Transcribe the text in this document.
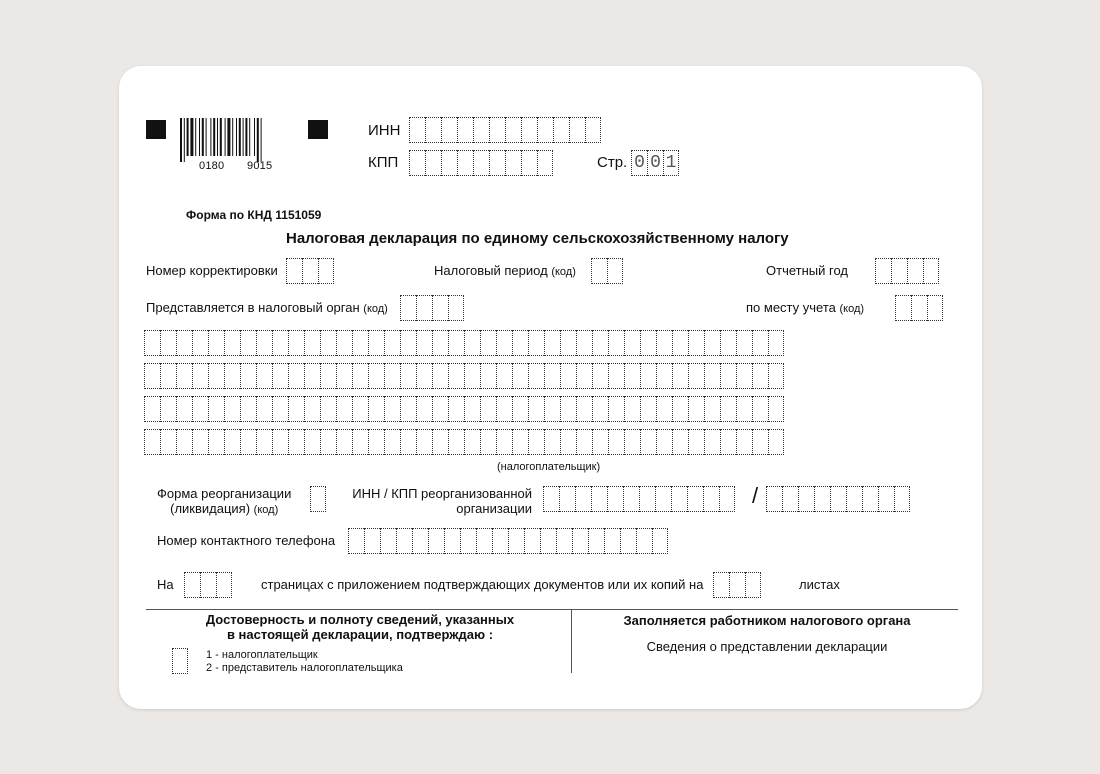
0180 9015
ИНН
КПП	Стр. 0 0 1
Форма по КНД 1151059
Налоговая декларация по единому сельскохозяйственному налогу
Номер корректировки	Налоговый период (код)	Отчетный год
Представляется в налоговый орган (код)	по месту учета (код)
(налогоплательщик)
Форма реорганизации
(ликвидация) (код)
ИНН / КПП реорганизованной
организации
/
Номер контактного телефона
На	страницах с приложением подтверждающих документов или их копий на	листах
Достоверность и полноту сведений, указанных
в настоящей декларации, подтверждаю :
1 - налогоплательщик
2 - представитель налогоплательщика
Заполняется работником налогового органа
Сведения о представлении декларации
